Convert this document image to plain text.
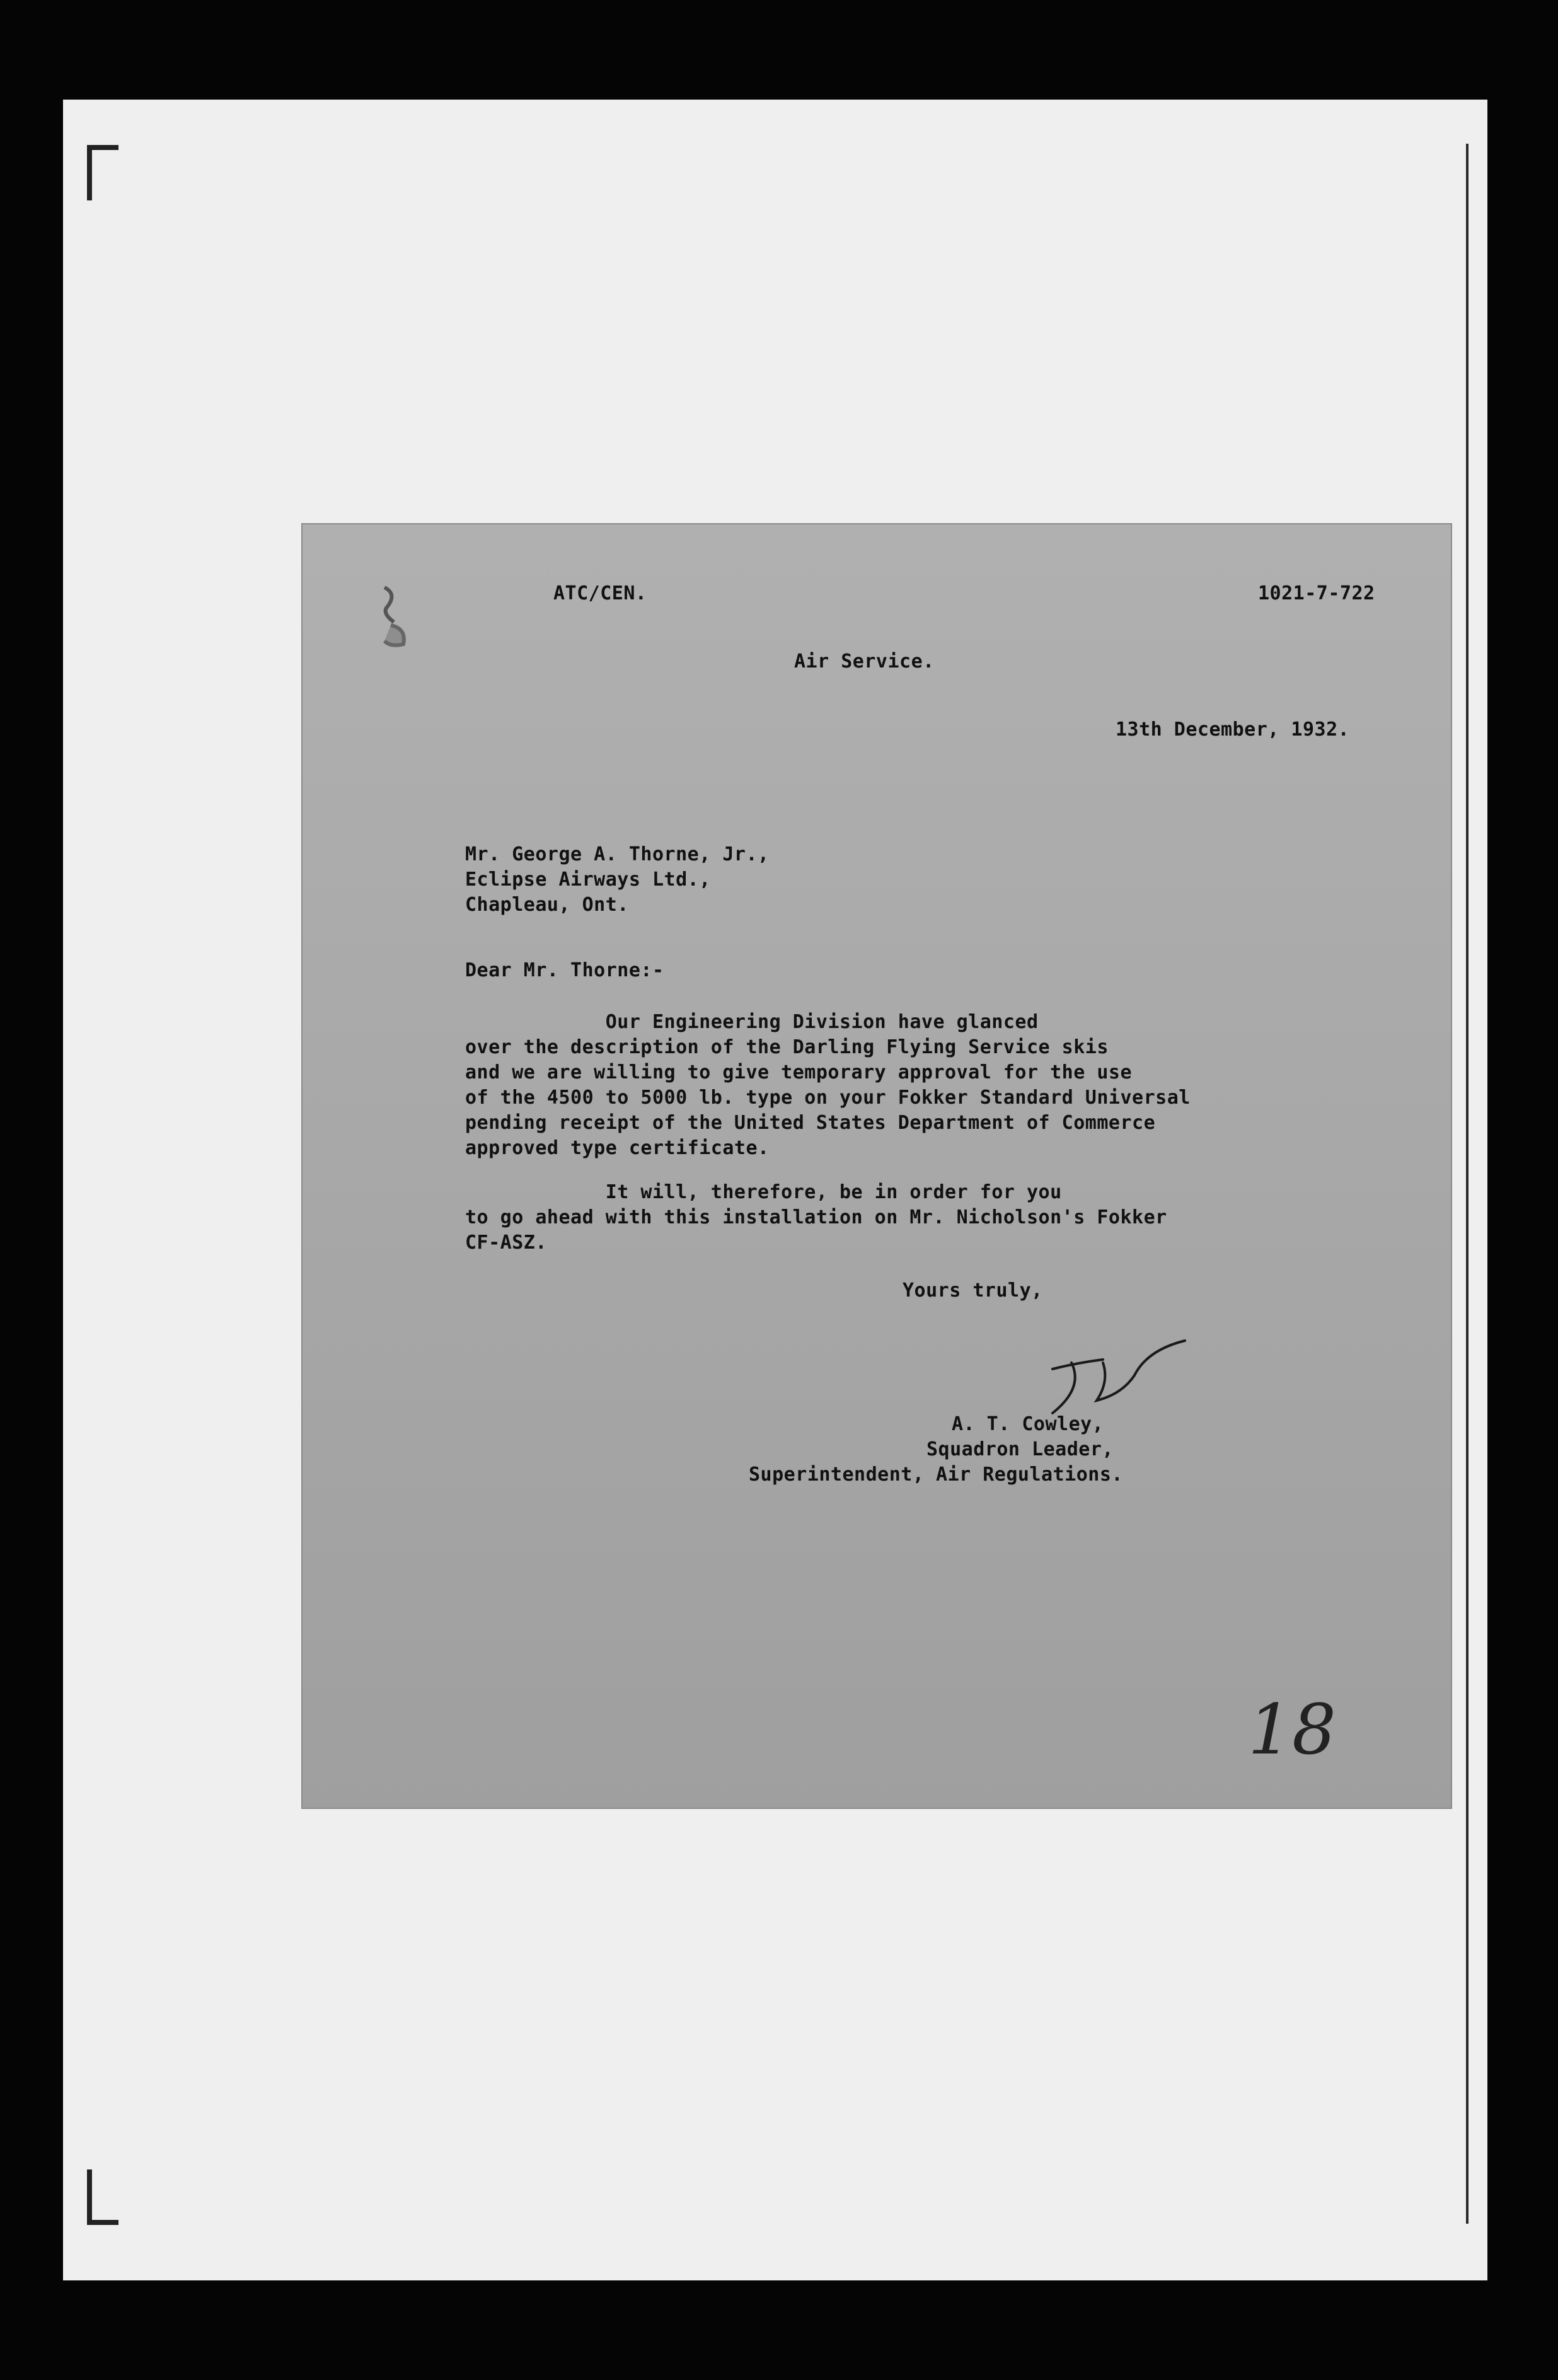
ATC/CEN.	1021-7-722

Air Service.

13th December, 1932.

Mr. George A. Thorne, Jr.,

Eclipse Airways Ltd.,

Chapleau, Ont.

Dear Mr. Thorne:-

Our Engineering Division have glanced

over the description of the Darling Flying Service skis

and we are willing to give temporary approval for the use

of the 4500 to 5000 lb. type on your Fokker Standard Universal

pending receipt of the United States Department of Commerce

approved type certificate.

It will, therefore, be in order for you

to go ahead with this installation on Mr. Nicholson's Fokker

CF-ASZ.

Yours truly,

A. T. Cowley,

Squadron Leader,

Superintendent, Air Regulations.

18
